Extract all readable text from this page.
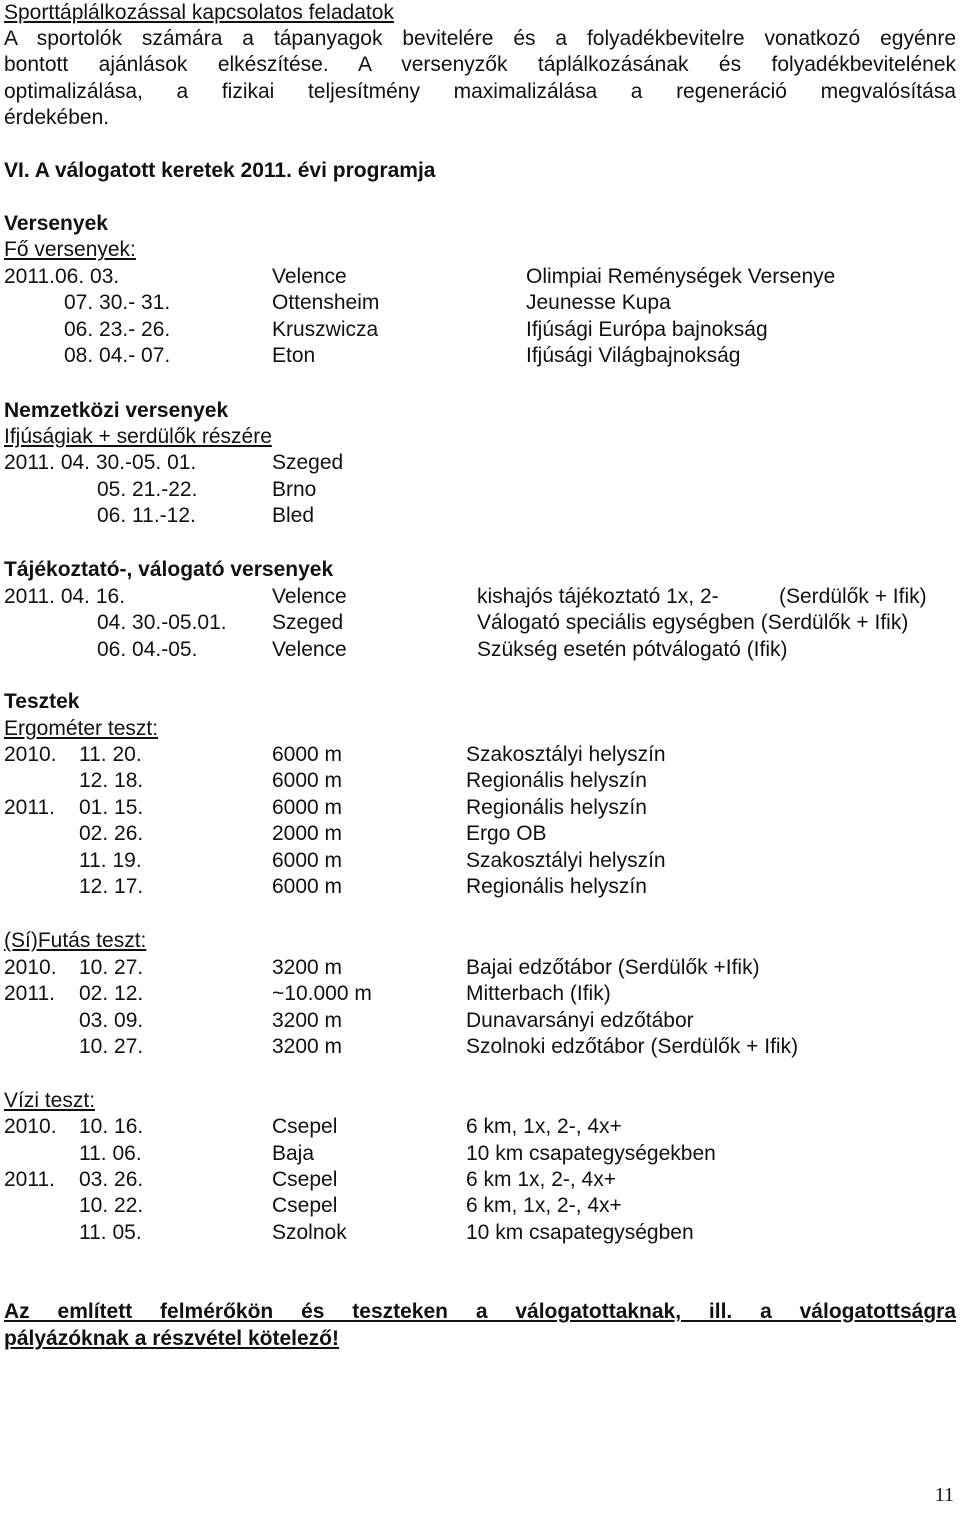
Sporttáplálkozással kapcsolatos feladatok
A sportolók számára a tápanyagok bevitelére és a folyadékbevitelre vonatkozó egyénre
bontott ajánlások elkészítése. A versenyzők táplálkozásának és folyadékbevitelének
optimalizálása, a fizikai teljesítmény maximalizálása a regeneráció megvalósítása
érdekében.
VI. A válogatott keretek 2011. évi programja
Versenyek
Fő versenyek:
2011.06. 03.	Velence	Olimpiai Reménységek Versenye
07. 30.- 31.	Ottensheim	Jeunesse Kupa
06. 23.- 26.	Kruszwicza	Ifjúsági Európa bajnokság
08. 04.- 07.	Eton	Ifjúsági Világbajnokság
Nemzetközi versenyek
Ifjúságiak + serdülők részére
2011. 04. 30.-05. 01.	Szeged
05. 21.-22.	Brno
06. 11.-12.	Bled
Tájékoztató-, válogató versenyek
2011. 04. 16.	Velence	kishajós tájékoztató 1x, 2-	(Serdülők + Ifik)
04. 30.-05.01. Szeged	Válogató speciális egységben (Serdülők + Ifik)
06. 04.-05.	Velence	Szükség esetén pótválogató (Ifik)
Tesztek
Ergométer teszt:
2010. 11. 20.	6000 m	Szakosztályi helyszín
12. 18.	6000 m	Regionális helyszín
2011. 01. 15.	6000 m	Regionális helyszín
02. 26.	2000 m	Ergo OB
11. 19.	6000 m	Szakosztályi helyszín
12. 17.	6000 m	Regionális helyszín
(Sí)Futás teszt:
2010. 10. 27.	3200 m	Bajai edzőtábor (Serdülők +Ifik)
2011. 02. 12.	~10.000 m	Mitterbach (Ifik)
03. 09.	3200 m	Dunavarsányi edzőtábor
10. 27.	3200 m	Szolnoki edzőtábor (Serdülők + Ifik)
Vízi teszt:
2010. 10. 16.	Csepel	6 km, 1x, 2-, 4x+
11. 06.	Baja	10 km csapategységekben
2011. 03. 26.	Csepel	6 km 1x, 2-, 4x+
10. 22.	Csepel	6 km, 1x, 2-, 4x+
11. 05.	Szolnok	10 km csapategységben
Az említett felmérőkön és teszteken a válogatottaknak, ill. a válogatottságra
pályázóknak a részvétel kötelező!
11
